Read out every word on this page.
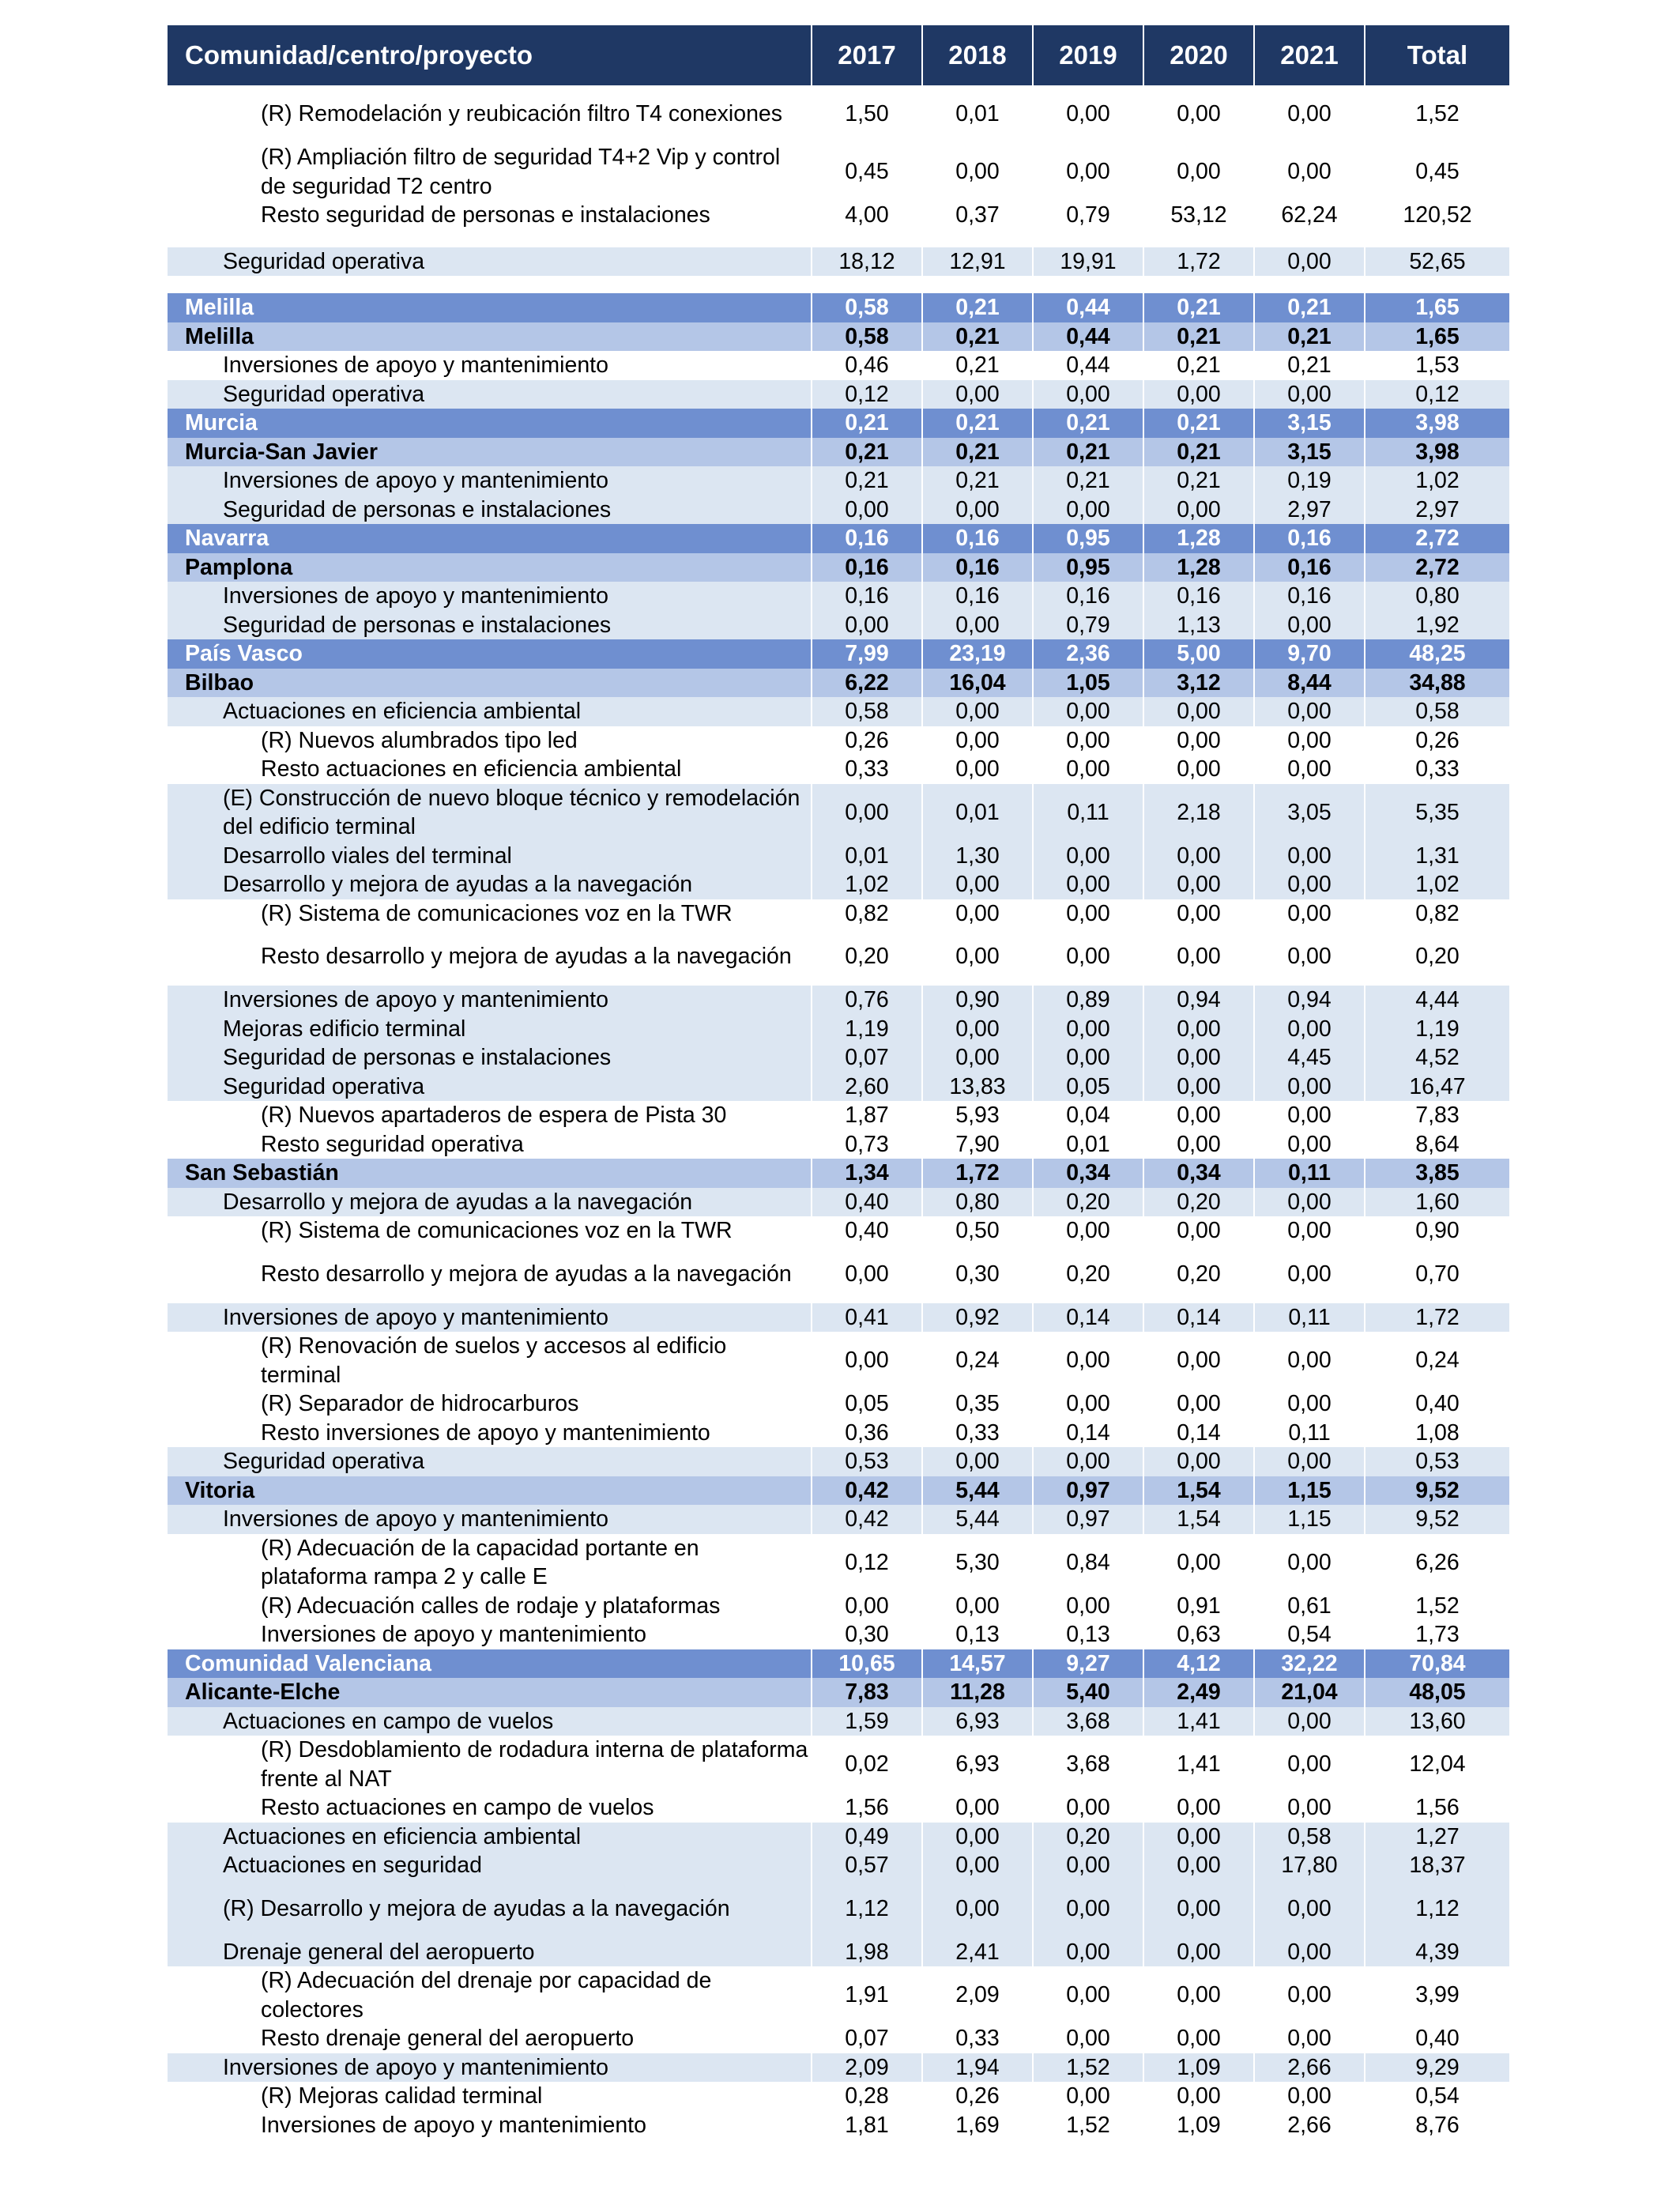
Comunidad/centro/proyecto	2017	2018	2019	2020	2021	Total
(R) Remodelación y reubicación filtro T4 conexiones	1,50	0,01	0,00	0,00	0,00	1,52
(R) Ampliación filtro de seguridad T4+2 Vip y control de seguridad T2 centro	0,45	0,00	0,00	0,00	0,00	0,45
Resto seguridad de personas e instalaciones	4,00	0,37	0,79	53,12	62,24	120,52

Seguridad operativa	18,12	12,91	19,91	1,72	0,00	52,65

Melilla	0,58	0,21	0,44	0,21	0,21	1,65
Melilla	0,58	0,21	0,44	0,21	0,21	1,65
Inversiones de apoyo y mantenimiento	0,46	0,21	0,44	0,21	0,21	1,53
Seguridad operativa	0,12	0,00	0,00	0,00	0,00	0,12
Murcia	0,21	0,21	0,21	0,21	3,15	3,98
Murcia-San Javier	0,21	0,21	0,21	0,21	3,15	3,98
Inversiones de apoyo y mantenimiento	0,21	0,21	0,21	0,21	0,19	1,02
Seguridad de personas e instalaciones	0,00	0,00	0,00	0,00	2,97	2,97
Navarra	0,16	0,16	0,95	1,28	0,16	2,72
Pamplona	0,16	0,16	0,95	1,28	0,16	2,72
Inversiones de apoyo y mantenimiento	0,16	0,16	0,16	0,16	0,16	0,80
Seguridad de personas e instalaciones	0,00	0,00	0,79	1,13	0,00	1,92
País Vasco	7,99	23,19	2,36	5,00	9,70	48,25
Bilbao	6,22	16,04	1,05	3,12	8,44	34,88
Actuaciones en eficiencia ambiental	0,58	0,00	0,00	0,00	0,00	0,58
(R) Nuevos alumbrados tipo led	0,26	0,00	0,00	0,00	0,00	0,26
Resto actuaciones en eficiencia ambiental	0,33	0,00	0,00	0,00	0,00	0,33
(E) Construcción de nuevo bloque técnico y remodelación del edificio terminal	0,00	0,01	0,11	2,18	3,05	5,35
Desarrollo viales del terminal	0,01	1,30	0,00	0,00	0,00	1,31
Desarrollo y mejora de ayudas a la navegación	1,02	0,00	0,00	0,00	0,00	1,02
(R) Sistema de comunicaciones voz en la TWR	0,82	0,00	0,00	0,00	0,00	0,82
Resto desarrollo y mejora de ayudas a la navegación	0,20	0,00	0,00	0,00	0,00	0,20
Inversiones de apoyo y mantenimiento	0,76	0,90	0,89	0,94	0,94	4,44
Mejoras edificio terminal	1,19	0,00	0,00	0,00	0,00	1,19
Seguridad de personas e instalaciones	0,07	0,00	0,00	0,00	4,45	4,52
Seguridad operativa	2,60	13,83	0,05	0,00	0,00	16,47
(R) Nuevos apartaderos de espera de Pista 30	1,87	5,93	0,04	0,00	0,00	7,83
Resto seguridad operativa	0,73	7,90	0,01	0,00	0,00	8,64
San Sebastián	1,34	1,72	0,34	0,34	0,11	3,85
Desarrollo y mejora de ayudas a la navegación	0,40	0,80	0,20	0,20	0,00	1,60
(R) Sistema de comunicaciones voz en la TWR	0,40	0,50	0,00	0,00	0,00	0,90
Resto desarrollo y mejora de ayudas a la navegación	0,00	0,30	0,20	0,20	0,00	0,70
Inversiones de apoyo y mantenimiento	0,41	0,92	0,14	0,14	0,11	1,72
(R) Renovación de suelos y accesos al edificio terminal	0,00	0,24	0,00	0,00	0,00	0,24
(R) Separador de hidrocarburos	0,05	0,35	0,00	0,00	0,00	0,40
Resto inversiones de apoyo y mantenimiento	0,36	0,33	0,14	0,14	0,11	1,08
Seguridad operativa	0,53	0,00	0,00	0,00	0,00	0,53
Vitoria	0,42	5,44	0,97	1,54	1,15	9,52
Inversiones de apoyo y mantenimiento	0,42	5,44	0,97	1,54	1,15	9,52
(R) Adecuación de la capacidad portante en plataforma rampa 2 y calle E	0,12	5,30	0,84	0,00	0,00	6,26
(R) Adecuación calles de rodaje y plataformas	0,00	0,00	0,00	0,91	0,61	1,52
Inversiones de apoyo y mantenimiento	0,30	0,13	0,13	0,63	0,54	1,73
Comunidad Valenciana	10,65	14,57	9,27	4,12	32,22	70,84
Alicante-Elche	7,83	11,28	5,40	2,49	21,04	48,05
Actuaciones en campo de vuelos	1,59	6,93	3,68	1,41	0,00	13,60
(R) Desdoblamiento de rodadura interna de plataforma frente al NAT	0,02	6,93	3,68	1,41	0,00	12,04
Resto actuaciones en campo de vuelos	1,56	0,00	0,00	0,00	0,00	1,56
Actuaciones en eficiencia ambiental	0,49	0,00	0,20	0,00	0,58	1,27
Actuaciones en seguridad	0,57	0,00	0,00	0,00	17,80	18,37
(R) Desarrollo y mejora de ayudas a la navegación	1,12	0,00	0,00	0,00	0,00	1,12
Drenaje general del aeropuerto	1,98	2,41	0,00	0,00	0,00	4,39
(R) Adecuación del drenaje por capacidad de colectores	1,91	2,09	0,00	0,00	0,00	3,99
Resto drenaje general del aeropuerto	0,07	0,33	0,00	0,00	0,00	0,40
Inversiones de apoyo y mantenimiento	2,09	1,94	1,52	1,09	2,66	9,29
(R) Mejoras calidad terminal	0,28	0,26	0,00	0,00	0,00	0,54
Inversiones de apoyo y mantenimiento	1,81	1,69	1,52	1,09	2,66	8,76
